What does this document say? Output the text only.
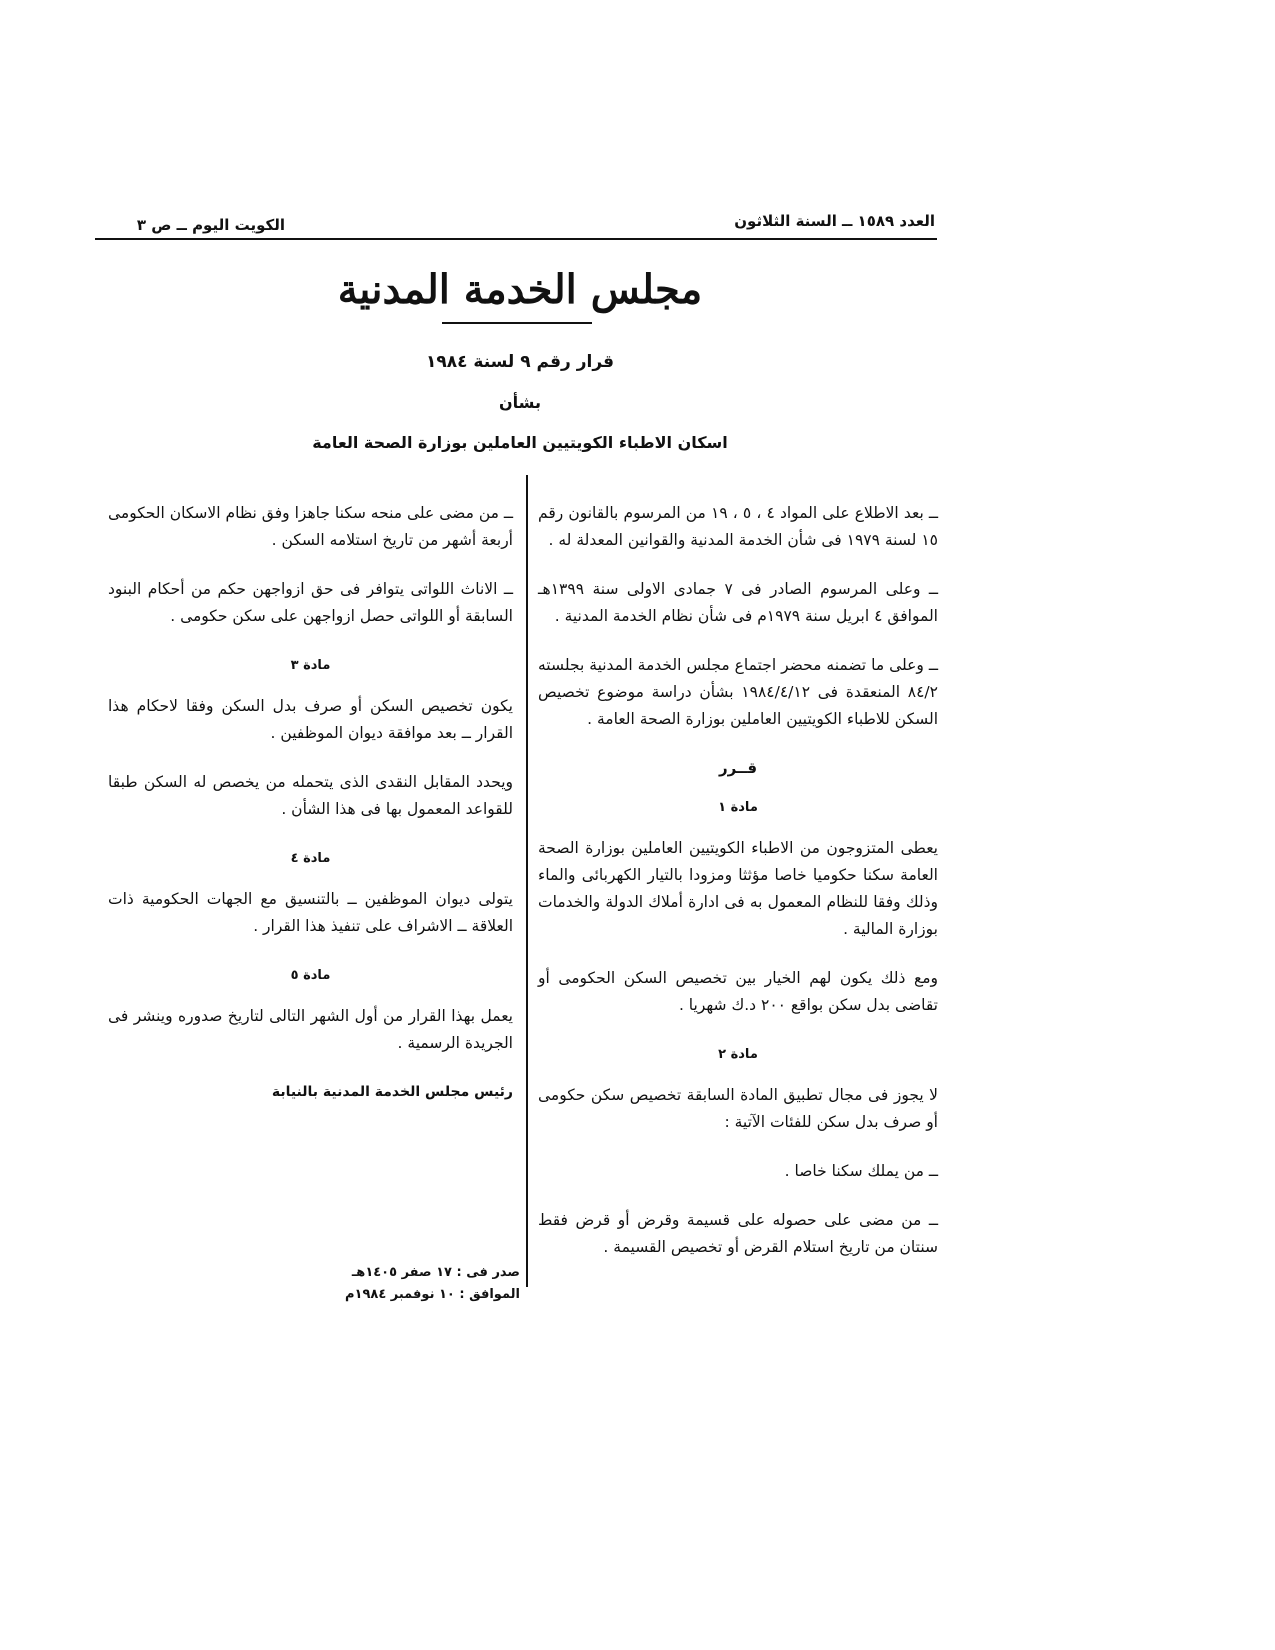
العدد ١٥٨٩ ــ السنة الثلاثون
الكويت اليوم ــ ص ٣
مجلس الخدمة المدنية
قرار رقم ٩ لسنة ١٩٨٤
بشأن
اسكان الاطباء الكويتيين العاملين بوزارة الصحة العامة

ــ بعد الاطلاع على المواد ٤ ، ٥ ، ١٩ من المرسوم بالقانون رقم ١٥ لسنة ١٩٧٩ فى شأن الخدمة المدنية والقوانين المعدلة له .

ــ وعلى المرسوم الصادر فى ٧ جمادى الاولى سنة ١٣٩٩هـ الموافق ٤ ابريل سنة ١٩٧٩م فى شأن نظام الخدمة المدنية .

ــ وعلى ما تضمنه محضر اجتماع مجلس الخدمة المدنية بجلسته ٨٤/٢ المنعقدة فى ١٩٨٤/٤/١٢ بشأن دراسة موضوع تخصيص السكن للاطباء الكويتيين العاملين بوزارة الصحة العامة .

قــرر
مادة ١

يعطى المتزوجون من الاطباء الكويتيين العاملين بوزارة الصحة العامة سكنا حكوميا خاصا مؤثثا ومزودا بالتيار الكهربائى والماء وذلك وفقا للنظام المعمول به فى ادارة أملاك الدولة والخدمات بوزارة المالية .

ومع ذلك يكون لهم الخيار بين تخصيص السكن الحكومى أو تقاضى بدل سكن بواقع ٢٠٠ د.ك شهريا .

مادة ٢

لا يجوز فى مجال تطبيق المادة السابقة تخصيص سكن حكومى أو صرف بدل سكن للفئات الآتية :

ــ من يملك سكنا خاصا .

ــ من مضى على حصوله على قسيمة وقرض أو قرض فقط سنتان من تاريخ استلام القرض أو تخصيص القسيمة .

ــ من مضى على منحه سكنا جاهزا وفق نظام الاسكان الحكومى أربعة أشهر من تاريخ استلامه السكن .

ــ الاناث اللواتى يتوافر فى حق ازواجهن حكم من أحكام البنود السابقة أو اللواتى حصل ازواجهن على سكن حكومى .

مادة ٣

يكون تخصيص السكن أو صرف بدل السكن وفقا لاحكام هذا القرار ــ بعد موافقة ديوان الموظفين .

ويحدد المقابل النقدى الذى يتحمله من يخصص له السكن طبقا للقواعد المعمول بها فى هذا الشأن .

مادة ٤

يتولى ديوان الموظفين ــ بالتنسيق مع الجهات الحكومية ذات العلاقة ــ الاشراف على تنفيذ هذا القرار .

مادة ٥

يعمل بهذا القرار من أول الشهر التالى لتاريخ صدوره وينشر فى الجريدة الرسمية .

رئيس مجلس الخدمة المدنية بالنيابة
صدر فى : ١٧ صفر ١٤٠٥هـ
الموافق : ١٠ نوفمبر ١٩٨٤م
